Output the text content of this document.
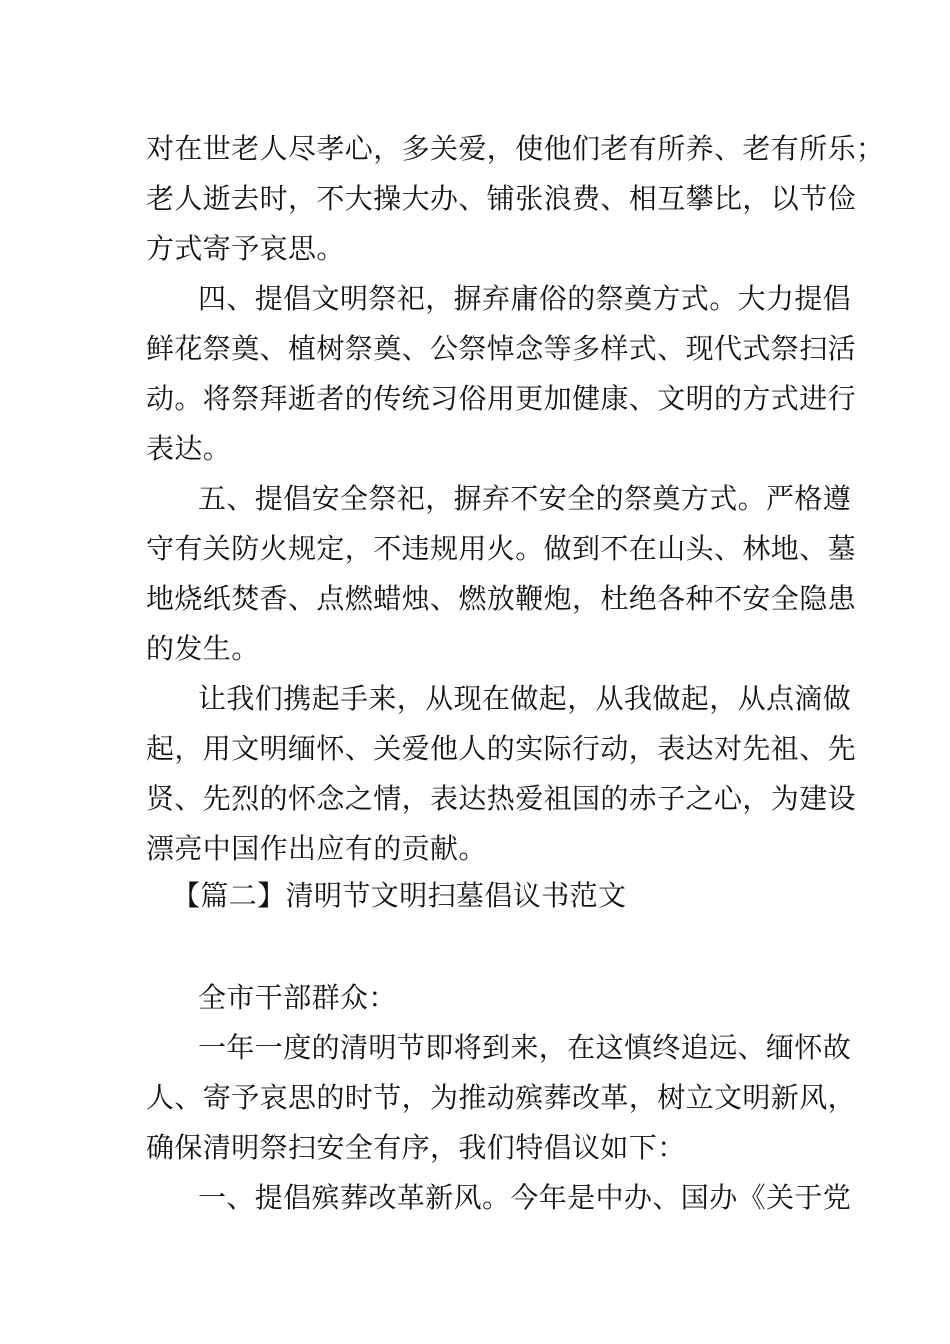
对在世老人尽孝心，多关爱，使他们老有所养、老有所乐；
老人逝去时，不大操大办、铺张浪费、相互攀比，以节俭
方式寄予哀思。
四、提倡文明祭祀，摒弃庸俗的祭奠方式。大力提倡
鲜花祭奠、植树祭奠、公祭悼念等多样式、现代式祭扫活
动。将祭拜逝者的传统习俗用更加健康、文明的方式进行
表达。
五、提倡安全祭祀，摒弃不安全的祭奠方式。严格遵
守有关防火规定，不违规用火。做到不在山头、林地、墓
地烧纸焚香、点燃蜡烛、燃放鞭炮，杜绝各种不安全隐患
的发生。
让我们携起手来，从现在做起，从我做起，从点滴做
起，用文明缅怀、关爱他人的实际行动，表达对先祖、先
贤、先烈的怀念之情，表达热爱祖国的赤子之心，为建设
漂亮中国作出应有的贡献。
【篇二】清明节文明扫墓倡议书范文
全市干部群众：
一年一度的清明节即将到来，在这慎终追远、缅怀故
人、寄予哀思的时节，为推动殡葬改革，树立文明新风，
确保清明祭扫安全有序，我们特倡议如下：
一、提倡殡葬改革新风。今年是中办、国办《关于党
